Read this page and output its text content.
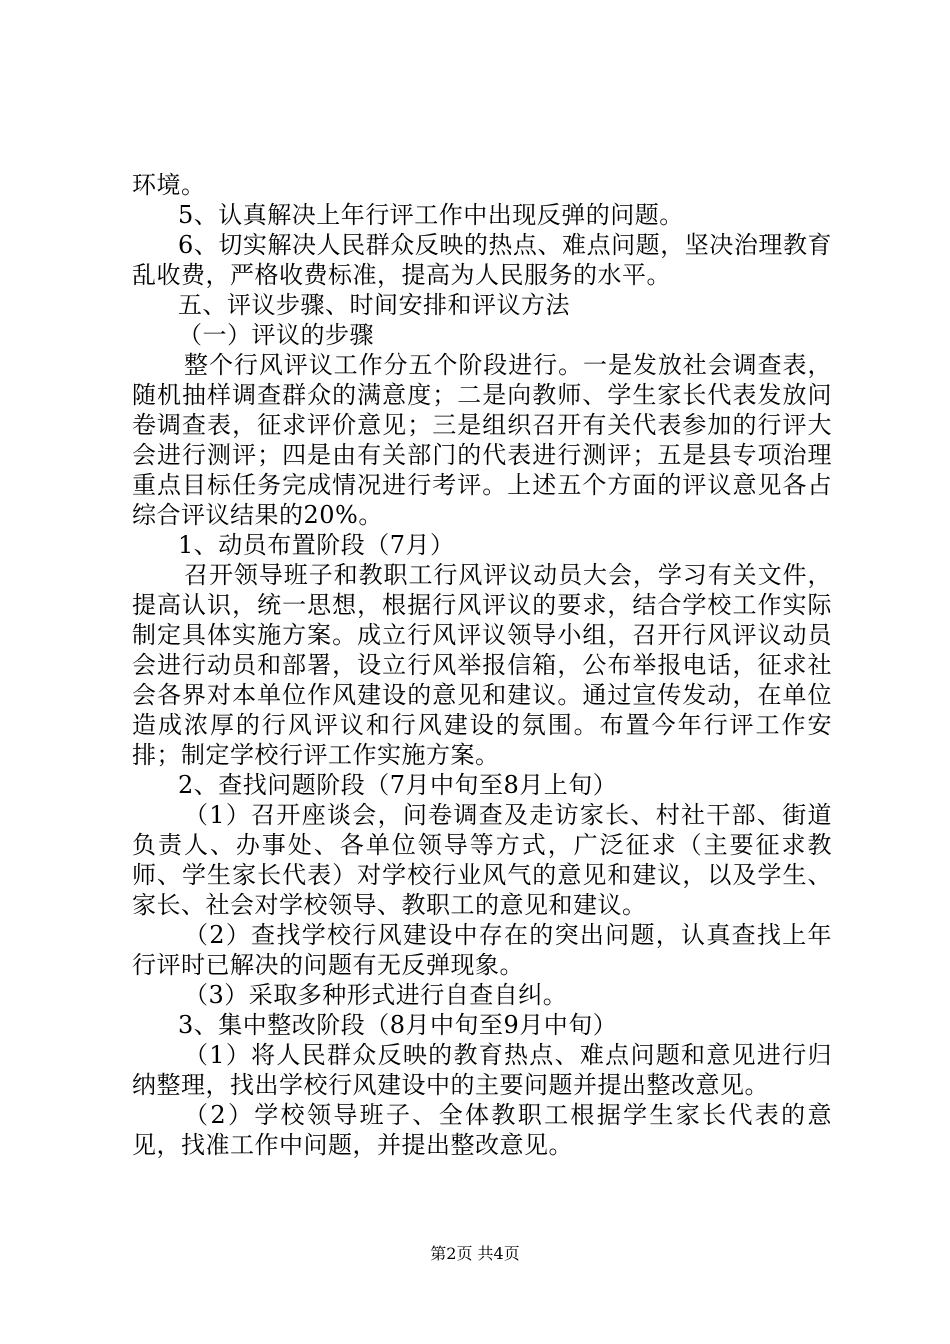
环境。

5、认真解决上年行评工作中出现反弹的问题。

6、切实解决人民群众反映的热点、难点问题，坚决治理教育乱收费，严格收费标准，提高为人民服务的水平。

五、评议步骤、时间安排和评议方法

（一）评议的步骤

整个行风评议工作分五个阶段进行。一是发放社会调查表，随机抽样调查群众的满意度；二是向教师、学生家长代表发放问卷调查表，征求评价意见；三是组织召开有关代表参加的行评大会进行测评；四是由有关部门的代表进行测评；五是县专项治理重点目标任务完成情况进行考评。上述五个方面的评议意见各占综合评议结果的20%。

1、动员布置阶段（7月）

召开领导班子和教职工行风评议动员大会，学习有关文件，提高认识，统一思想，根据行风评议的要求，结合学校工作实际制定具体实施方案。成立行风评议领导小组，召开行风评议动员会进行动员和部署，设立行风举报信箱，公布举报电话，征求社会各界对本单位作风建设的意见和建议。通过宣传发动，在单位造成浓厚的行风评议和行风建设的氛围。布置今年行评工作安排；制定学校行评工作实施方案。

2、查找问题阶段（7月中旬至8月上旬）

（1）召开座谈会，问卷调查及走访家长、村社干部、街道负责人、办事处、各单位领导等方式，广泛征求（主要征求教师、学生家长代表）对学校行业风气的意见和建议，以及学生、家长、社会对学校领导、教职工的意见和建议。

（2）查找学校行风建设中存在的突出问题，认真查找上年行评时已解决的问题有无反弹现象。

（3）采取多种形式进行自查自纠。

3、集中整改阶段（8月中旬至9月中旬）

（1）将人民群众反映的教育热点、难点问题和意见进行归纳整理，找出学校行风建设中的主要问题并提出整改意见。

（2）学校领导班子、全体教职工根据学生家长代表的意见，找准工作中问题，并提出整改意见。

第2页 共4页
